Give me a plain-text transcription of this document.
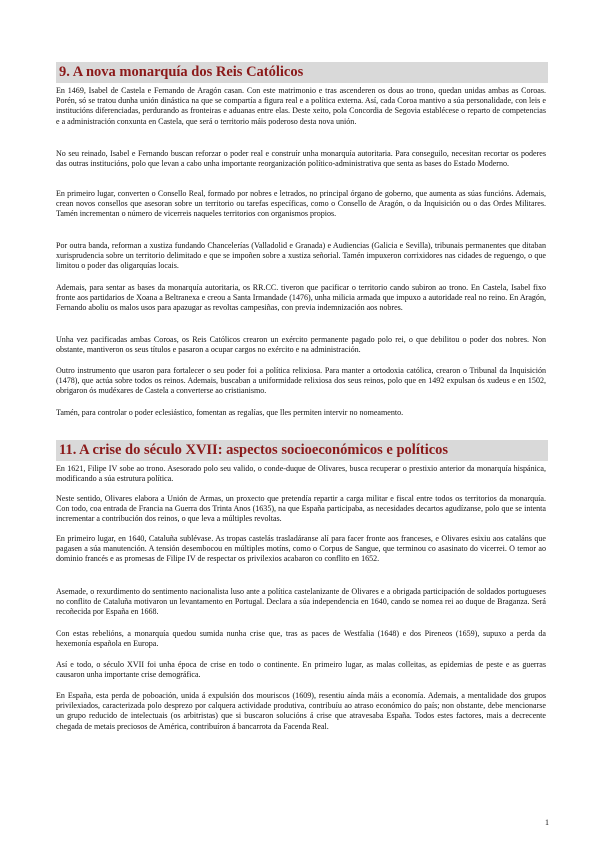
9. A nova monarquía dos Reis Católicos

En 1469, Isabel de Castela e Fernando de Aragón casan. Con este matrimonio e tras ascenderen os dous ao trono, quedan unidas ambas as Coroas. Porén, só se tratou dunha unión dinástica na que se compartía a figura real e a política externa. Así, cada Coroa mantivo a súa personalidade, con leis e institucións diferenciadas, perdurando as fronteiras e aduanas entre elas. Deste xeito, pola Concordia de Segovia establécese o reparto de competencias e a administración conxunta en Castela, que será o territorio máis poderoso desta nova unión.

No seu reinado, Isabel e Fernando buscan reforzar o poder real e construír unha monarquía autoritaria. Para conseguilo, necesitan recortar os poderes das outras institucións, polo que levan a cabo unha importante reorganización político-administrativa que senta as bases do Estado Moderno.

En primeiro lugar, converten o Consello Real, formado por nobres e letrados, no principal órgano de goberno, que aumenta as súas funcións. Ademais, crean novos consellos que asesoran sobre un territorio ou tarefas específicas, como o Consello de Aragón, o da Inquisición ou o das Ordes Militares. Tamén incrementan o número de vicerreis naqueles territorios con organismos propios.

Por outra banda, reforman a xustiza fundando Chancelerías (Valladolid e Granada) e Audiencias (Galicia e Sevilla), tribunais permanentes que ditaban xurisprudencia sobre un territorio delimitado e que se impoñen sobre a xustiza señorial. Tamén impuxeron corrixidores nas cidades de reguengo, o que limitou o poder das oligarquías locais.

Ademais, para sentar as bases da monarquía autoritaria, os RR.CC. tiveron que pacificar o territorio cando subiron ao trono. En Castela, Isabel fixo fronte aos partidarios de Xoana a Beltranexa e creou a Santa Irmandade (1476), unha milicia armada que impuxo a autoridade real no reino. En Aragón, Fernando aboliu os malos usos para apazugar as revoltas campesiñas, con previa indemnización aos nobres.

Unha vez pacificadas ambas Coroas, os Reis Católicos crearon un exército permanente pagado polo rei, o que debilitou o poder dos nobres. Non obstante, mantiveron os seus títulos e pasaron a ocupar cargos no exército e na administración.

Outro instrumento que usaron para fortalecer o seu poder foi a política relixiosa. Para manter a ortodoxia católica, crearon o Tribunal da Inquisición (1478), que actúa sobre todos os reinos. Ademais, buscaban a uniformidade relixiosa dos seus reinos, polo que en 1492 expulsan ós xudeus e en 1502, obrigaron ós mudéxares de Castela a converterse ao cristianismo.

Tamén, para controlar o poder eclesiástico, fomentan as regalías, que lles permiten intervir no nomeamento.

11. A crise do século XVII: aspectos socioeconómicos e políticos

En 1621, Filipe IV sobe ao trono. Asesorado polo seu valido, o conde-duque de Olivares, busca recuperar o prestixio anterior da monarquía hispánica, modificando a súa estrutura política.

Neste sentido, Olivares elabora a Unión de Armas, un proxecto que pretendía repartir a carga militar e fiscal entre todos os territorios da monarquía. Con todo, coa entrada de Francia na Guerra dos Trinta Anos (1635), na que España participaba, as necesidades decartos agudízanse, polo que se intenta incrementar a contribución dos reinos, o que leva a múltiples revoltas.

En primeiro lugar, en 1640, Cataluña sublévase. As tropas castelás trasladáranse alí para facer fronte aos franceses, e Olivares esixiu aos cataláns que pagasen a súa manutención. A tensión desembocou en múltiples motíns, como o Corpus de Sangue, que terminou co asasinato do vicerrei. O temor ao dominio francés e as promesas de Filipe IV de respectar os privilexios acabaron co conflito en 1652.

Asemade, o rexurdimento do sentimento nacionalista luso ante a política castelanizante de Olivares e a obrigada participación de soldados portugueses no conflito de Cataluña motivaron un levantamento en Portugal. Declara a súa independencia en 1640, cando se nomea rei ao duque de Braganza. Será recoñecida por España en 1668.

Con estas rebelións, a monarquía quedou sumida nunha crise que, tras as paces de Westfalia (1648) e dos Pireneos (1659), supuxo a perda da hexemonía española en Europa.

Así e todo, o século XVII foi unha época de crise en todo o continente. En primeiro lugar, as malas colleitas, as epidemias de peste e as guerras causaron unha importante crise demográfica.

En España, esta perda de poboación, unida á expulsión dos mouriscos (1609), resentiu aínda máis a economía. Ademais, a mentalidade dos grupos privilexiados, caracterizada polo desprezo por calquera actividade produtiva, contribuíu ao atraso económico do país; non obstante, debe mencionarse un grupo reducido de intelectuais (os arbitristas) que si buscaron solucións á crise que atravesaba España. Todos estes factores, mais a decrecente chegada de metais preciosos de América, contribuíron á bancarrota da Facenda Real.

1
